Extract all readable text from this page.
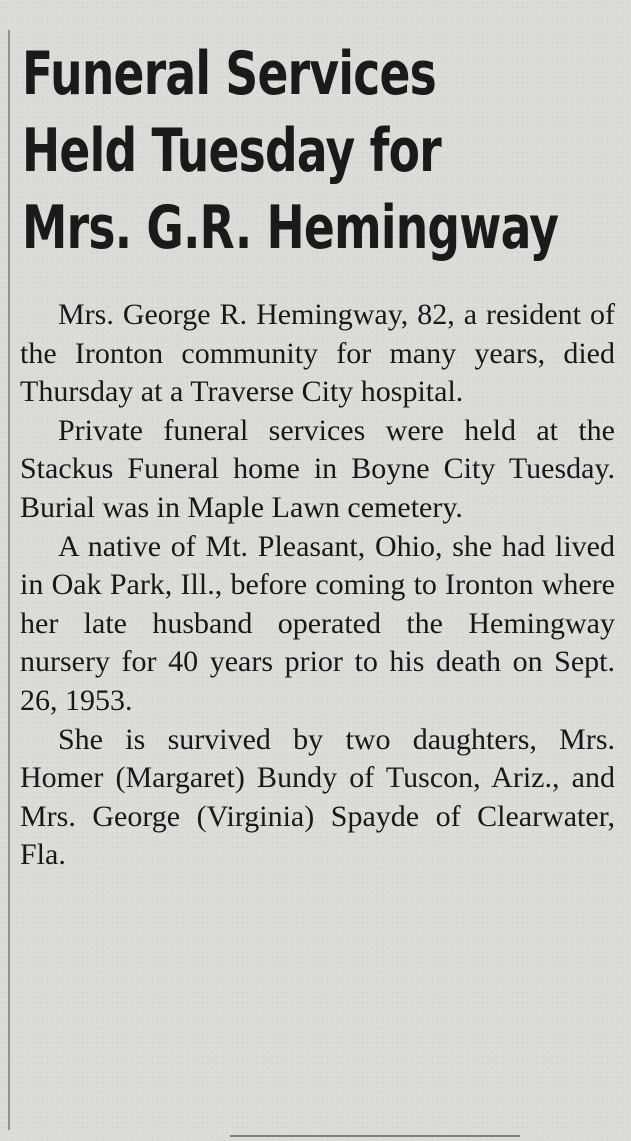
Funeral Services
Held Tuesday for
Mrs. G.R. Hemingway

Mrs. George R. Hemingway, 82, a resident of the Ironton community for many years, died Thursday at a Traverse City hospital.

Private funeral services were held at the Stackus Funeral home in Boyne City Tuesday. Burial was in Maple Lawn cemetery.

A native of Mt. Pleasant, Ohio, she had lived in Oak Park, Ill., before coming to Ironton where her late husband operated the Hemingway nursery for 40 years prior to his death on Sept. 26, 1953.

She is survived by two daughters, Mrs. Homer (Margaret) Bundy of Tuscon, Ariz., and Mrs. George (Virginia) Spayde of Clearwater, Fla.
